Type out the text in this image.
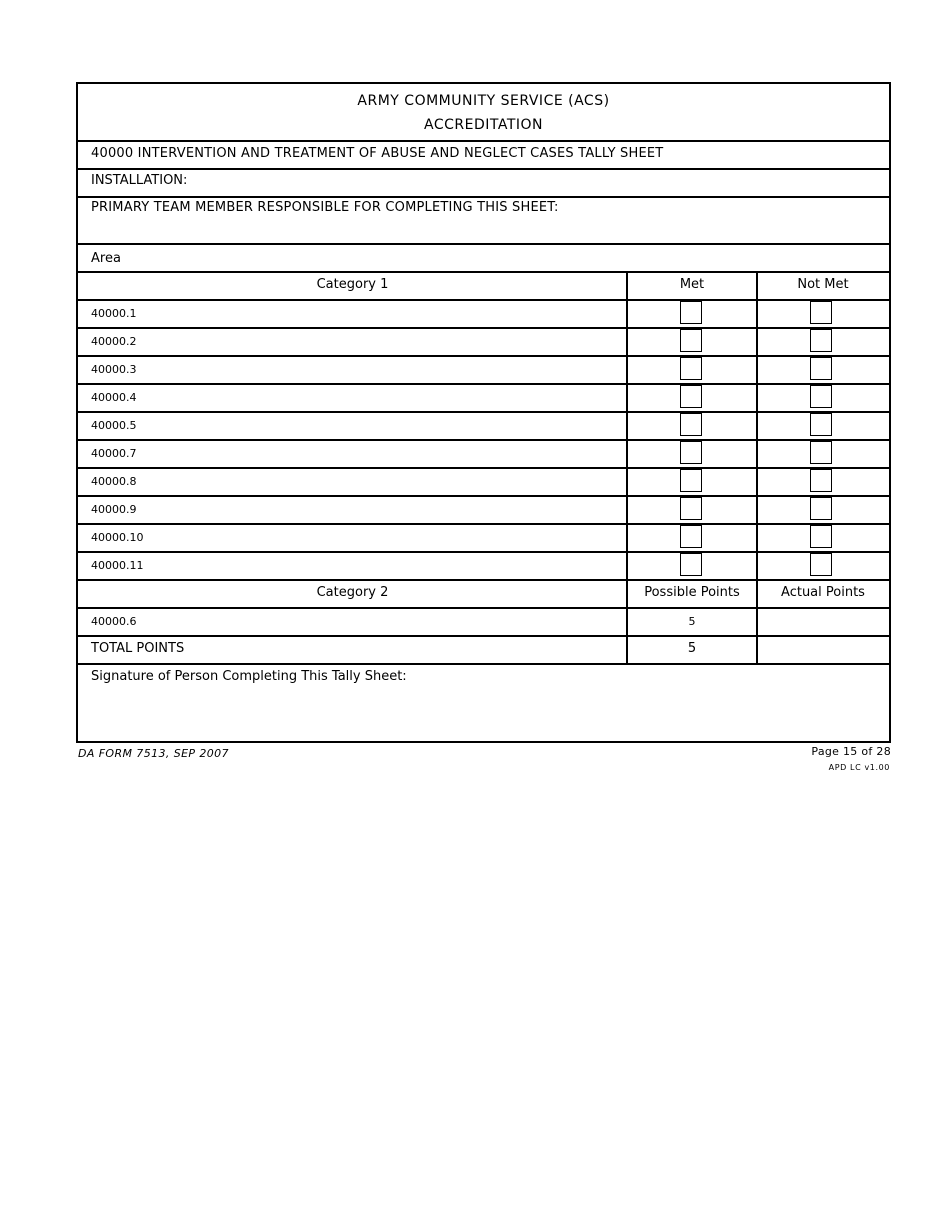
ARMY COMMUNITY SERVICE (ACS)
ACCREDITATION
40000 INTERVENTION AND TREATMENT OF ABUSE AND NEGLECT CASES TALLY SHEET
INSTALLATION:
PRIMARY TEAM MEMBER RESPONSIBLE FOR COMPLETING THIS SHEET:
Area
Category 1	Met	Not Met
40000.1
40000.2
40000.3
40000.4
40000.5
40000.7
40000.8
40000.9
40000.10
40000.11
Category 2	Possible Points	Actual Points
40000.6	5
TOTAL POINTS	5
Signature of Person Completing This Tally Sheet:
DA FORM 7513, SEP 2007	Page 15 of 28
APD LC v1.00
